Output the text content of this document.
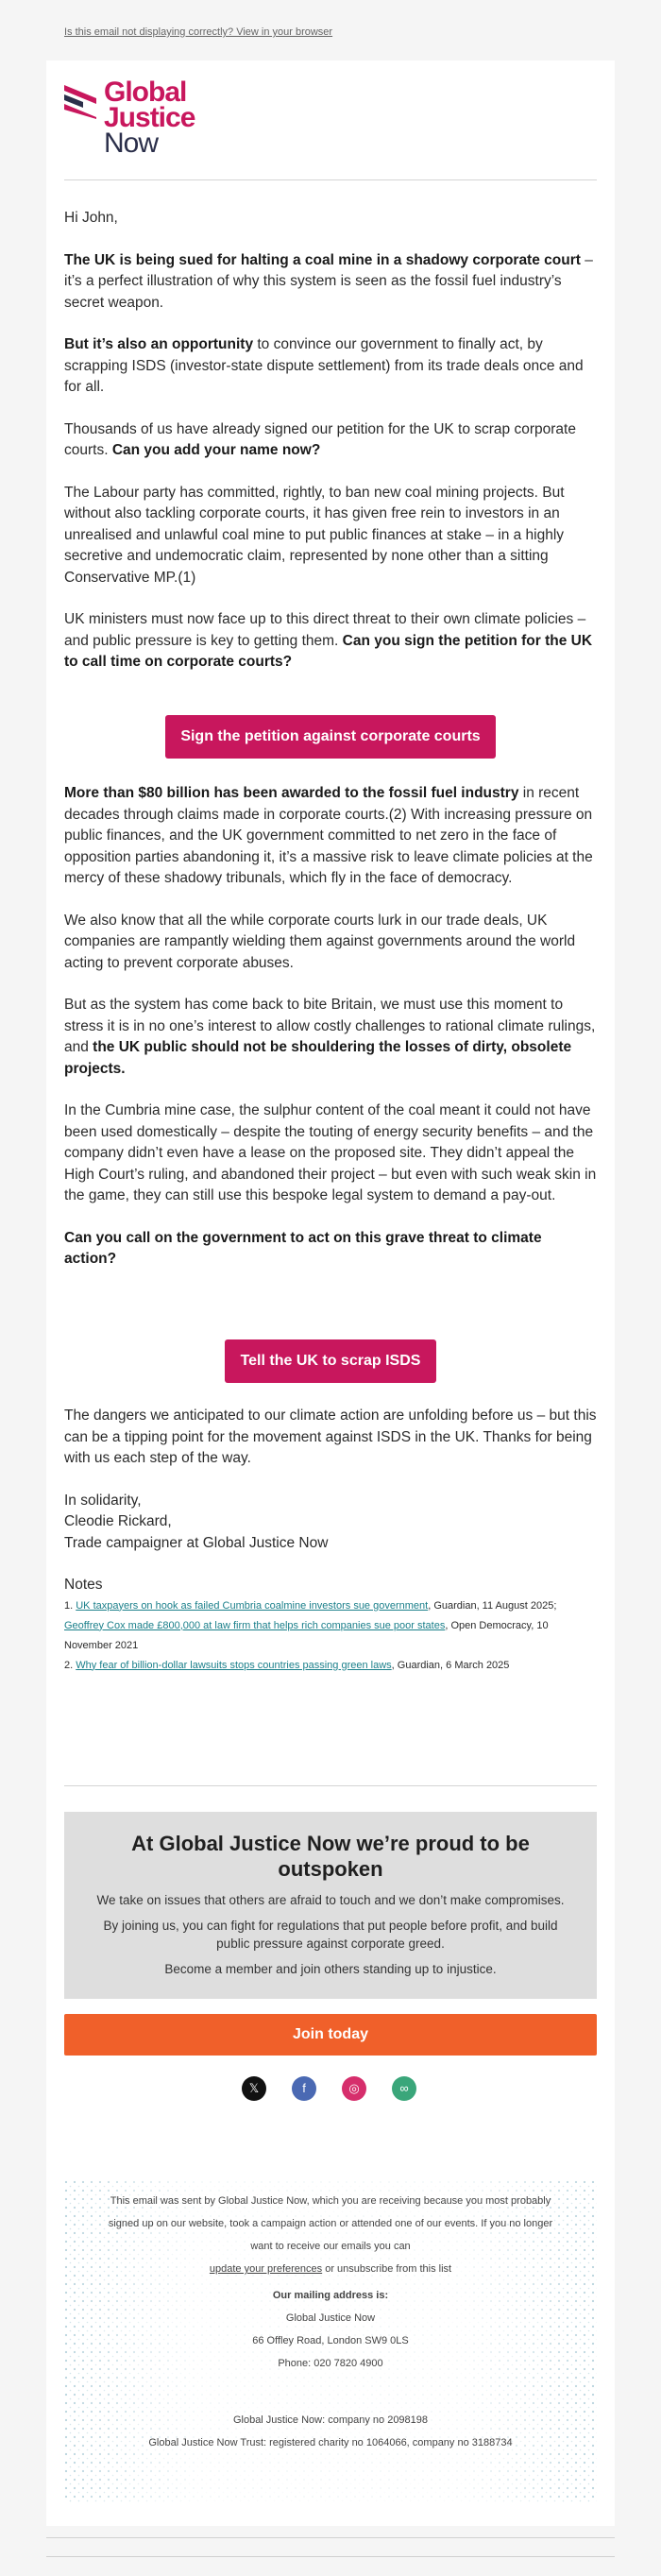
Is this email not displaying correctly? View in your browser
Global
Justice
Now

Hi John,

The UK is being sued for halting a coal mine in a shadowy corporate court – it’s a perfect illustration of why this system is seen as the fossil fuel industry’s secret weapon.

But it’s also an opportunity to convince our government to finally act, by scrapping ISDS (investor-state dispute settlement) from its trade deals once and for all.

Thousands of us have already signed our petition for the UK to scrap corporate courts. Can you add your name now?

The Labour party has committed, rightly, to ban new coal mining projects. But without also tackling corporate courts, it has given free rein to investors in an unrealised and unlawful coal mine to put public finances at stake – in a highly secretive and undemocratic claim, represented by none other than a sitting Conservative MP.(1)

UK ministers must now face up to this direct threat to their own climate policies – and public pressure is key to getting them. Can you sign the petition for the UK to call time on corporate courts?

Sign the petition against corporate courts

More than $80 billion has been awarded to the fossil fuel industry in recent decades through claims made in corporate courts.(2) With increasing pressure on public finances, and the UK government committed to net zero in the face of opposition parties abandoning it, it’s a massive risk to leave climate policies at the mercy of these shadowy tribunals, which fly in the face of democracy.

We also know that all the while corporate courts lurk in our trade deals, UK companies are rampantly wielding them against governments around the world acting to prevent corporate abuses.

But as the system has come back to bite Britain, we must use this moment to stress it is in no one’s interest to allow costly challenges to rational climate rulings, and the UK public should not be shouldering the losses of dirty, obsolete projects.

In the Cumbria mine case, the sulphur content of the coal meant it could not have been used domestically – despite the touting of energy security benefits – and the company didn’t even have a lease on the proposed site. They didn’t appeal the High Court’s ruling, and abandoned their project – but even with such weak skin in the game, they can still use this bespoke legal system to demand a pay-out.

Can you call on the government to act on this grave threat to climate action?

Tell the UK to scrap ISDS

The dangers we anticipated to our climate action are unfolding before us – but this can be a tipping point for the movement against ISDS in the UK. Thanks for being with us each step of the way.

In solidarity,

Cleodie Rickard,

Trade campaigner at Global Justice Now

Notes

1. UK taxpayers on hook as failed Cumbria coalmine investors sue government, Guardian, 11 August 2025; Geoffrey Cox made £800,000 at law firm that helps rich companies sue poor states, Open Democracy, 10 November 2021
2. Why fear of billion-dollar lawsuits stops countries passing green laws, Guardian, 6 March 2025
At Global Justice Now we’re proud to be outspoken

We take on issues that others are afraid to touch and we don’t make compromises.

By joining us, you can fight for regulations that put people before profit, and build public pressure against corporate greed.

Become a member and join others standing up to injustice.

Join today
𝕏	f	◎	∞

This email was sent by Global Justice Now, which you are receiving because you most probably signed up on our website, took a campaign action or attended one of our events. If you no longer want to receive our emails you can
update your preferences or unsubscribe from this list

Our mailing address is:

Global Justice Now

66 Offley Road, London SW9 0LS

Phone: 020 7820 4900

Global Justice Now: company no 2098198

Global Justice Now Trust: registered charity no 1064066, company no 3188734
